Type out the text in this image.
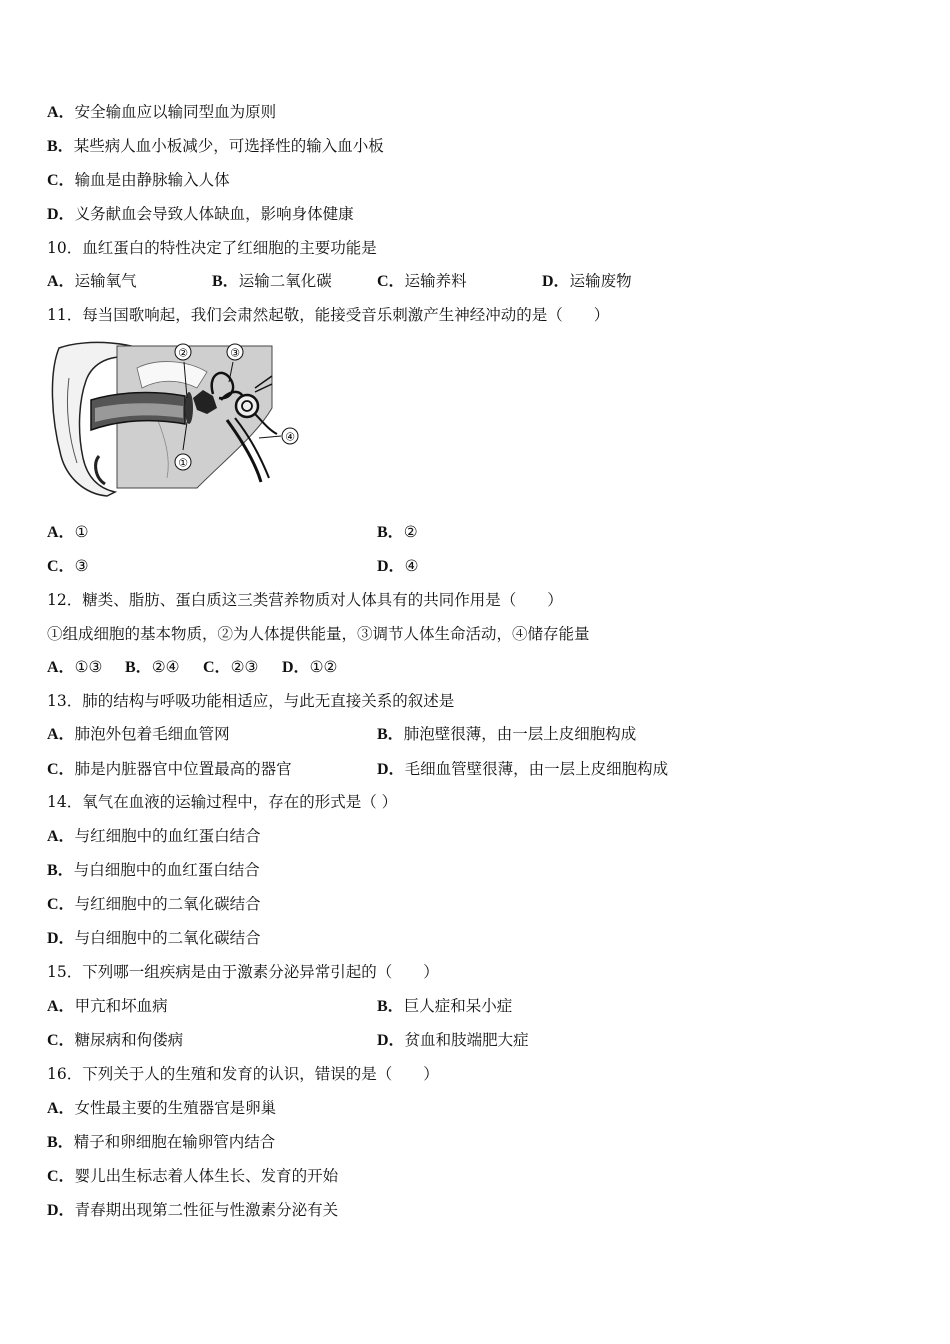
A．安全输血应以输同型血为原则
B．某些病人血小板减少，可选择性的输入血小板
C．输血是由静脉输入人体
D．义务献血会导致人体缺血，影响身体健康
10．血红蛋白的特性决定了红细胞的主要功能是
A．运输氧气	B．运输二氧化碳	C．运输养料	D．运输废物
11．每当国歌响起，我们会肃然起敬，能接受音乐刺激产生神经冲动的是（　　）
②	③
①
④
A．①	B．②
C．③	D．④
12．糖类、脂肪、蛋白质这三类营养物质对人体具有的共同作用是（　　）
①组成细胞的基本物质，②为人体提供能量，③调节人体生命活动，④储存能量
A．①③ B．②④ C．②③ D．①②
13．肺的结构与呼吸功能相适应，与此无直接关系的叙述是
A．肺泡外包着毛细血管网	B．肺泡壁很薄，由一层上皮细胞构成
C．肺是内脏器官中位置最高的器官	D．毛细血管壁很薄，由一层上皮细胞构成
14．氧气在血液的运输过程中，存在的形式是（ ）
A．与红细胞中的血红蛋白结合
B．与白细胞中的血红蛋白结合
C．与红细胞中的二氧化碳结合
D．与白细胞中的二氧化碳结合
15．下列哪一组疾病是由于激素分泌异常引起的（　　）
A．甲亢和坏血病	B．巨人症和呆小症
C．糖尿病和佝偻病	D．贫血和肢端肥大症
16．下列关于人的生殖和发育的认识，错误的是（　　）
A．女性最主要的生殖器官是卵巢
B．精子和卵细胞在输卵管内结合
C．婴儿出生标志着人体生长、发育的开始
D．青春期出现第二性征与性激素分泌有关
